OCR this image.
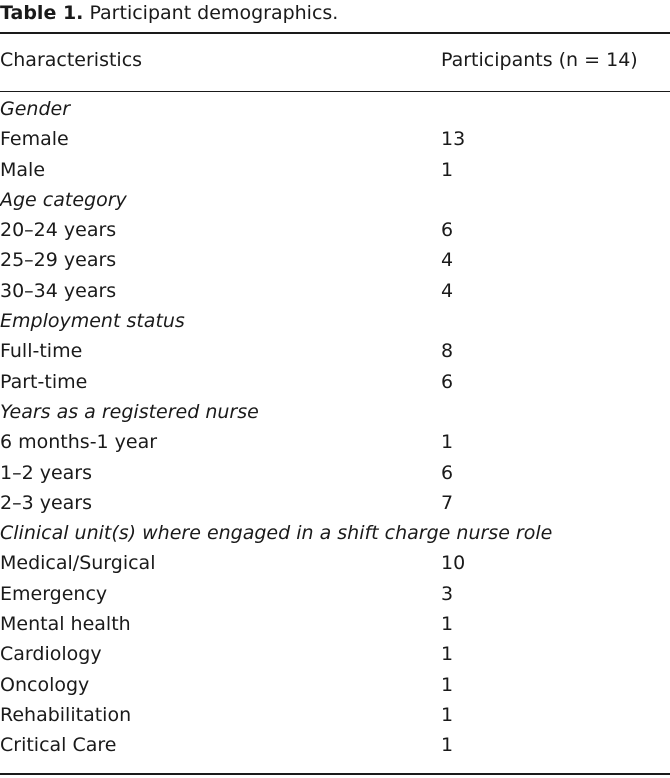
Table 1. Participant demographics.
Characteristics	Participants (n = 14)
Gender
Female	13
Male	1
Age category
20–24 years	6
25–29 years	4
30–34 years	4
Employment status
Full-time	8
Part-time	6
Years as a registered nurse
6 months-1 year	1
1–2 years	6
2–3 years	7
Clinical unit(s) where engaged in a shift charge nurse role
Medical/Surgical	10
Emergency	3
Mental health	1
Cardiology	1
Oncology	1
Rehabilitation	1
Critical Care	1
